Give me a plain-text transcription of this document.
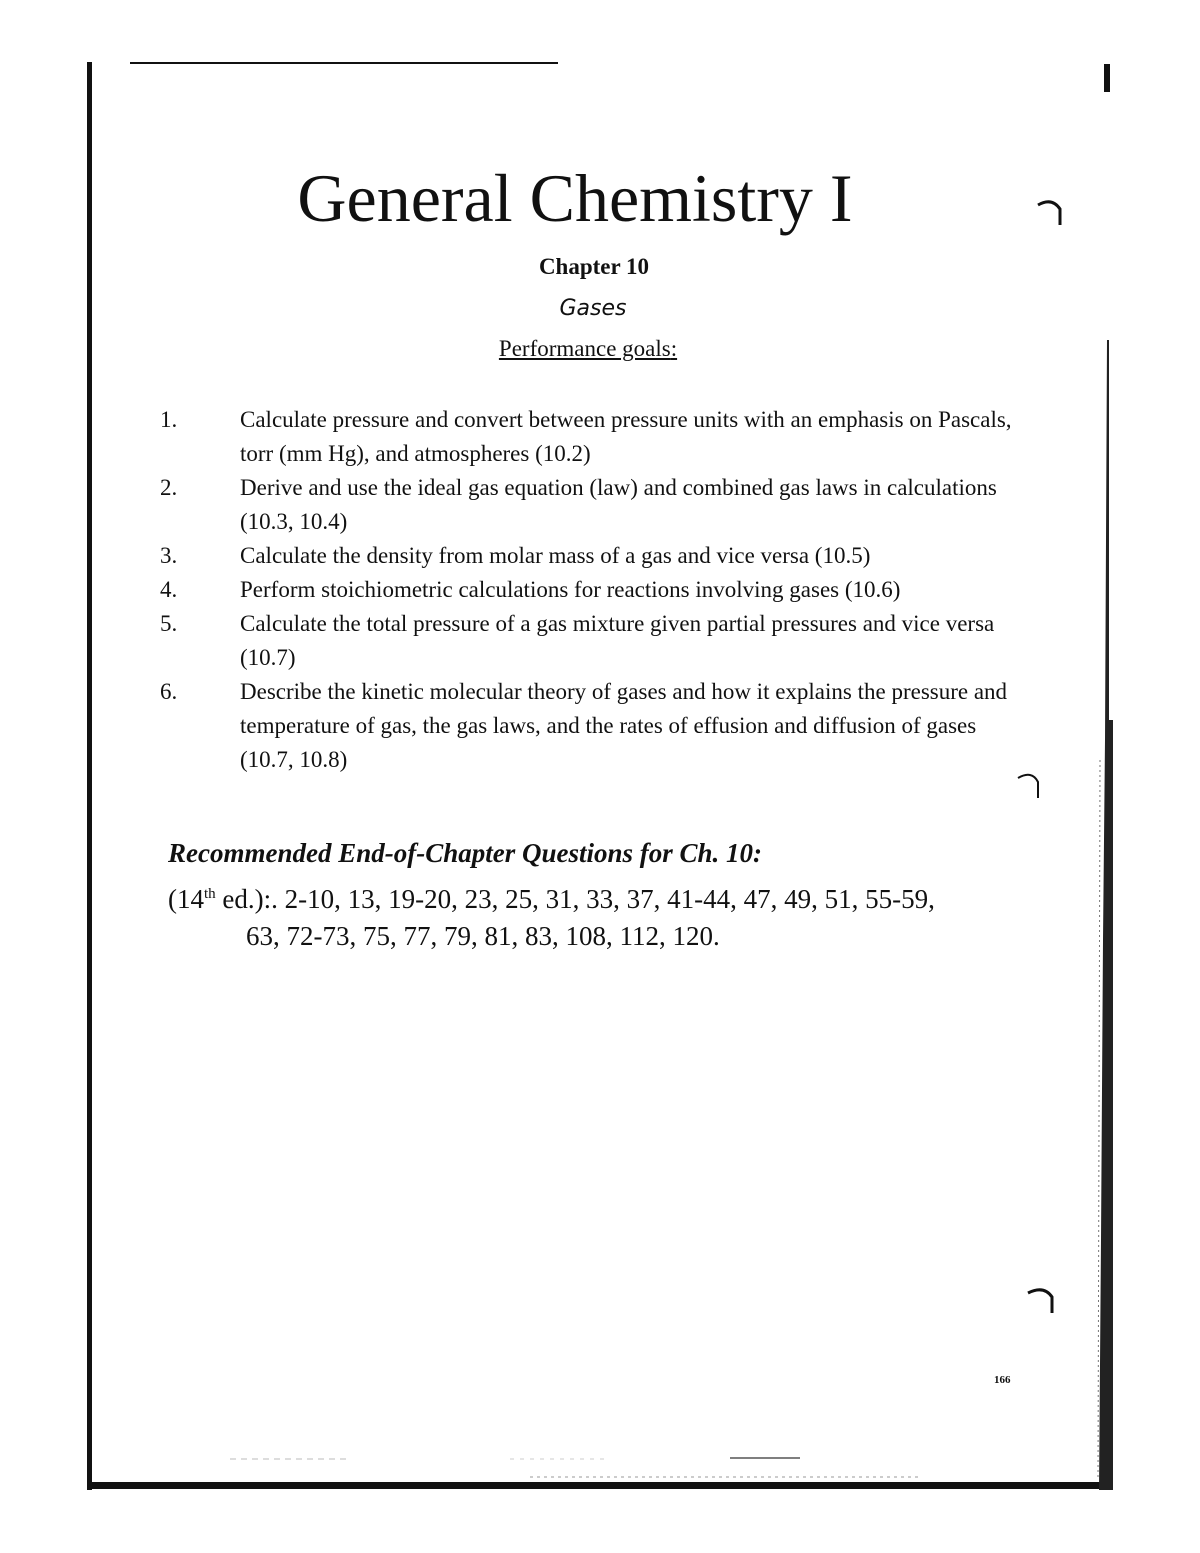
General Chemistry I
Chapter 10
Gases
Performance goals:
1.	Calculate pressure and convert between pressure units with an emphasis on Pascals, torr (mm Hg), and atmospheres (10.2)
2.	Derive and use the ideal gas equation (law) and combined gas laws in calculations (10.3, 10.4)
3.	Calculate the density from molar mass of a gas and vice versa (10.5)
4.	Perform stoichiometric calculations for reactions involving gases (10.6)
5.	Calculate the total pressure of a gas mixture given partial pressures and vice versa (10.7)
6.	Describe the kinetic molecular theory of gases and how it explains the pressure and temperature of gas, the gas laws, and the rates of effusion and diffusion of gases (10.7, 10.8)
Recommended End-of-Chapter Questions for Ch. 10:
(14th ed.):. 2-10, 13, 19-20, 23, 25, 31, 33, 37, 41-44, 47, 49, 51, 55-59,
63, 72-73, 75, 77, 79, 81, 83, 108, 112, 120.
166
